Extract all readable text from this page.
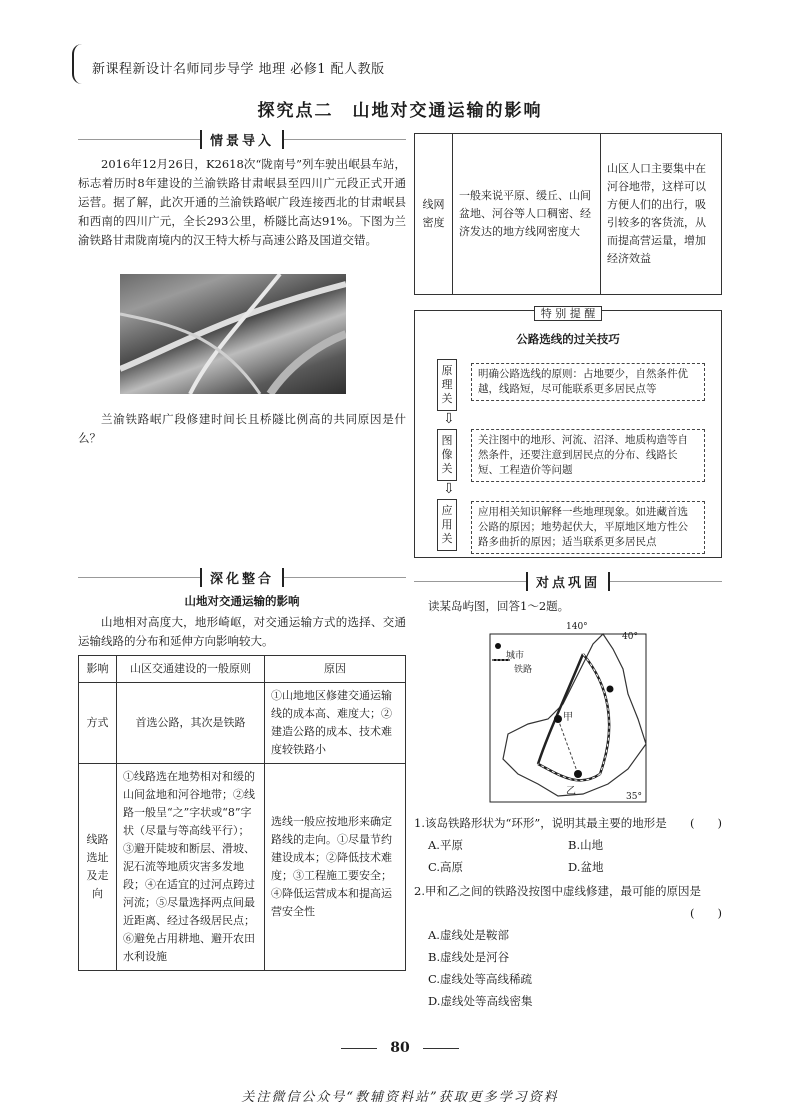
新课程新设计名师同步导学 地理 必修1 配人教版
探究点二　山地对交通运输的影响
情景导入

2016年12月26日，K2618次“陇南号”列车驶出岷县车站，标志着历时8年建设的兰渝铁路甘肃岷县至四川广元段正式开通运营。据了解，此次开通的兰渝铁路岷广段连接西北的甘肃岷县和西南的四川广元，全长293公里，桥隧比高达91%。下图为兰渝铁路甘肃陇南境内的汉王特大桥与高速公路及国道交错。

兰渝铁路岷广段修建时间长且桥隧比例高的共同原因是什么？

深化整合
山地对交通运输的影响

山地相对高度大，地形崎岖，对交通运输方式的选择、交通运输线路的分布和延伸方向影响较大。

影响	山区交通建设的一般原则	原因
方式	首选公路，其次是铁路	①山地地区修建交通运输线的成本高、难度大；②建造公路的成本、技术难度较铁路小
线路选址及走向	①线路选在地势相对和缓的山间盆地和河谷地带；②线路一般呈“之”字状或“8”字状（尽量与等高线平行）；③避开陡坡和断层、滑坡、泥石流等地质灾害多发地段；④在适宜的过河点跨过河流；⑤尽量选择两点间最近距离、经过各级居民点；⑥避免占用耕地、避开农田水利设施	选线一般应按地形来确定路线的走向。①尽量节约建设成本；②降低技术难度；③工程施工要安全；④降低运营成本和提高运营安全性
线网密度	一般来说平原、缓丘、山间盆地、河谷等人口稠密、经济发达的地方线网密度大	山区人口主要集中在河谷地带，这样可以方便人们的出行，吸引较多的客货流，从而提高营运量，增加经济效益
特 别 提 醒
公路选线的过关技巧
原理关
明确公路选线的原则：占地要少，自然条件优越，线路短，尽可能联系更多居民点等
⇩
图像关
关注图中的地形、河流、沼泽、地质构造等自然条件，还要注意到居民点的分布、线路长短、工程造价等问题
⇩
应用关
应用相关知识解释一些地理现象。如进藏首选公路的原因；地势起伏大，平原地区地方性公路多曲折的原因；适当联系更多居民点
对点巩固
读某岛屿图，回答1～2题。
140°
40°
35°
城市
铁路
甲
乙
1.该岛铁路形状为“环形”，说明其最主要的地形是 (　　)
A.平原	B.山地
C.高原	D.盆地
2.甲和乙之间的铁路没按图中虚线修建，最可能的原因是
(　　)
A.虚线处是鞍部
B.虚线处是河谷
C.虚线处等高线稀疏
D.虚线处等高线密集
80
关注微信公众号“教辅资料站”获取更多学习资料
